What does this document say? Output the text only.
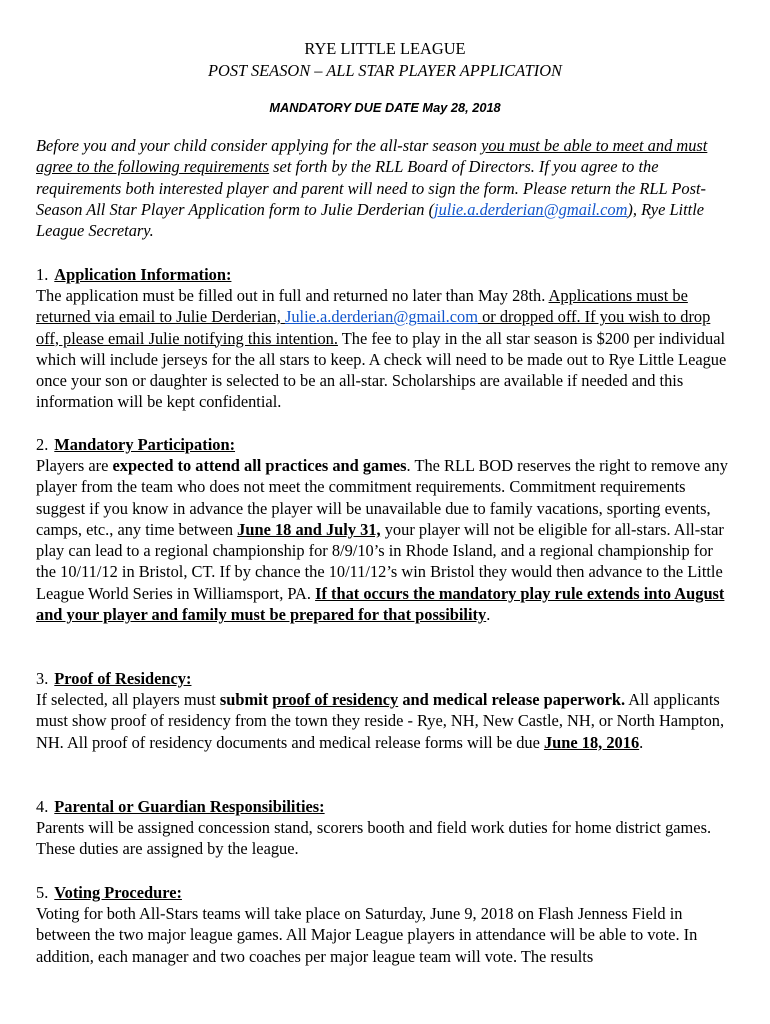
RYE LITTLE LEAGUE
POST SEASON – ALL STAR PLAYER APPLICATION
MANDATORY DUE DATE May 28, 2018

Before you and your child consider applying for the all-star season you must be able to meet and must agree to the following requirements set forth by the RLL Board of Directors. If you agree to the requirements both interested player and parent will need to sign the form. Please return the RLL Post-Season All Star Player Application form to Julie Derderian (julie.a.derderian@gmail.com), Rye Little League Secretary.

1. Application Information:

The application must be filled out in full and returned no later than May 28th. Applications must be returned via email to Julie Derderian, Julie.a.derderian@gmail.com or dropped off. If you wish to drop off, please email Julie notifying this intention. The fee to play in the all star season is $200 per individual which will include jerseys for the all stars to keep. A check will need to be made out to Rye Little League once your son or daughter is selected to be an all-star. Scholarships are available if needed and this information will be kept confidential.

2. Mandatory Participation:

Players are expected to attend all practices and games. The RLL BOD reserves the right to remove any player from the team who does not meet the commitment requirements. Commitment requirements suggest if you know in advance the player will be unavailable due to family vacations, sporting events, camps, etc., any time between June 18 and July 31, your player will not be eligible for all-stars. All-star play can lead to a regional championship for 8/9/10’s in Rhode Island, and a regional championship for the 10/11/12 in Bristol, CT. If by chance the 10/11/12’s win Bristol they would then advance to the Little League World Series in Williamsport, PA. If that occurs the mandatory play rule extends into August and your player and family must be prepared for that possibility.

3. Proof of Residency:

If selected, all players must submit proof of residency and medical release paperwork. All applicants must show proof of residency from the town they reside - Rye, NH, New Castle, NH, or North Hampton, NH. All proof of residency documents and medical release forms will be due June 18, 2016.

4. Parental or Guardian Responsibilities:

Parents will be assigned concession stand, scorers booth and field work duties for home district games. These duties are assigned by the league.

5. Voting Procedure:

Voting for both All-Stars teams will take place on Saturday, June 9, 2018 on Flash Jenness Field in between the two major league games. All Major League players in attendance will be able to vote. In addition, each manager and two coaches per major league team will vote. The results
